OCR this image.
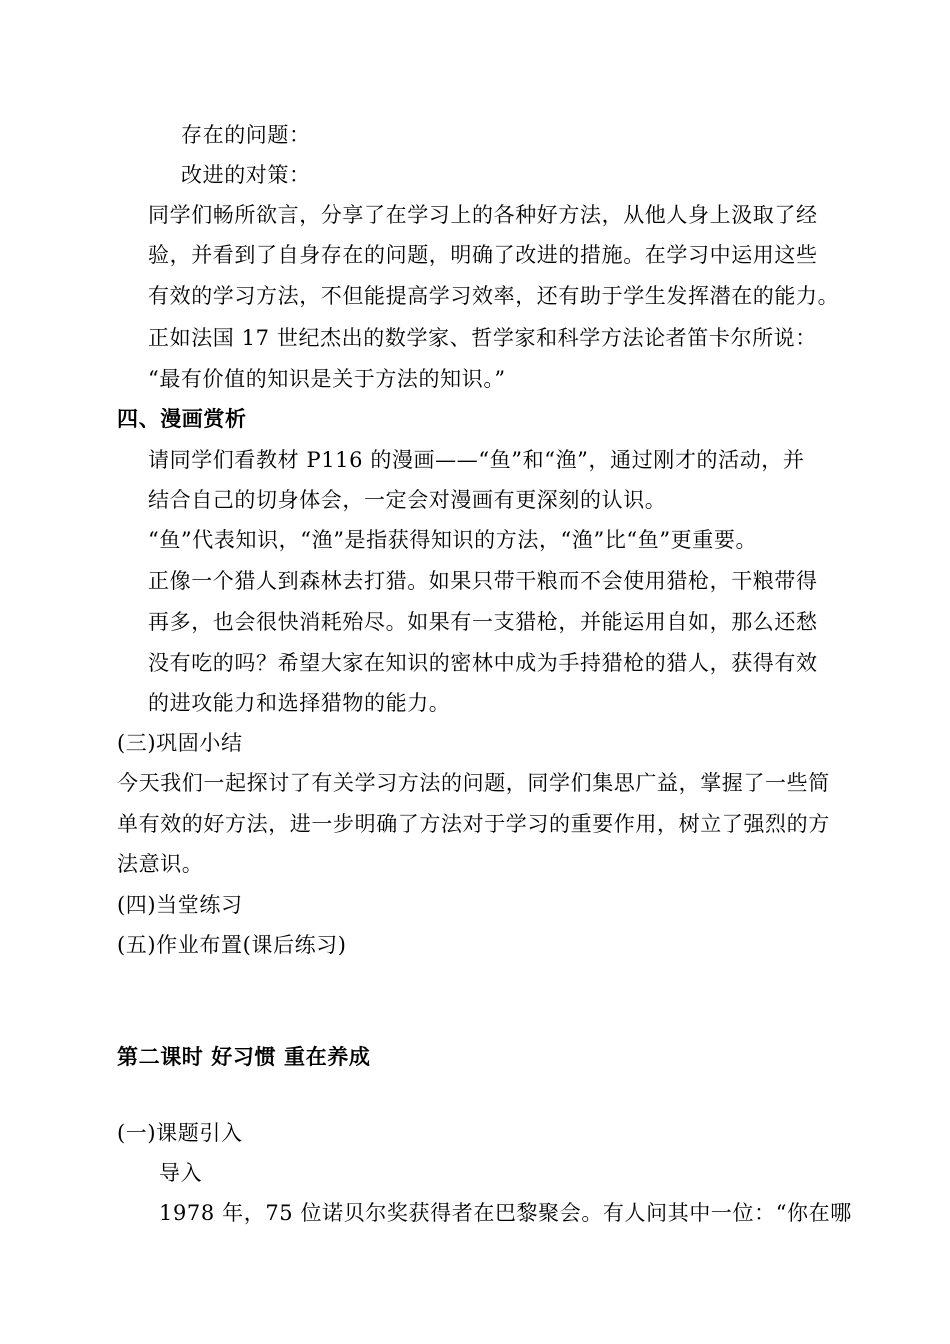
存在的问题：
改进的对策：
同学们畅所欲言，分享了在学习上的各种好方法，从他人身上汲取了经
验，并看到了自身存在的问题，明确了改进的措施。在学习中运用这些
有效的学习方法，不但能提高学习效率，还有助于学生发挥潜在的能力。
正如法国 17 世纪杰出的数学家、哲学家和科学方法论者笛卡尔所说：
“最有价值的知识是关于方法的知识。”
四、漫画赏析
请同学们看教材 P116 的漫画——“鱼”和“渔”，通过刚才的活动，并
结合自己的切身体会，一定会对漫画有更深刻的认识。
“鱼”代表知识，“渔”是指获得知识的方法，“渔”比“鱼”更重要。
正像一个猎人到森林去打猎。如果只带干粮而不会使用猎枪，干粮带得
再多，也会很快消耗殆尽。如果有一支猎枪，并能运用自如，那么还愁
没有吃的吗？希望大家在知识的密林中成为手持猎枪的猎人，获得有效
的进攻能力和选择猎物的能力。
(三)巩固小结
今天我们一起探讨了有关学习方法的问题，同学们集思广益，掌握了一些简
单有效的好方法，进一步明确了方法对于学习的重要作用，树立了强烈的方
法意识。
(四)当堂练习
(五)作业布置(课后练习)
第二课时 好习惯 重在养成
(一)课题引入
导入
1978 年，75 位诺贝尔奖获得者在巴黎聚会。有人问其中一位：“你在哪
